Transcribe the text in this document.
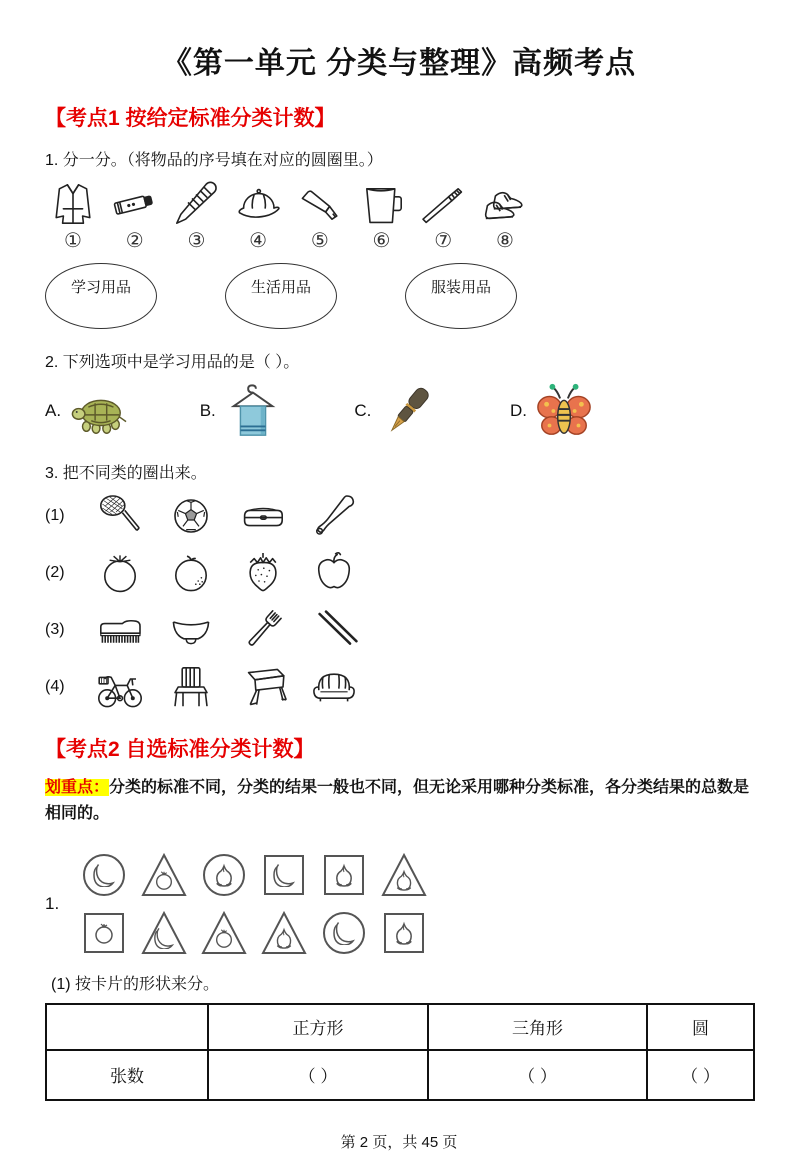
《第一单元 分类与整理》高频考点
【考点1 按给定标准分类计数】
1. 分一分。（将物品的序号填在对应的圆圈里。）
① ② ③ ④ ⑤ ⑥ ⑦ ⑧
学习用品	生活用品	服装用品
2. 下列选项中是学习用品的是（ ）。
A.	B.	C.	D.
3. 把不同类的圈出来。
(1)
(2)
(3)
(4)
【考点2 自选标准分类计数】
划重点：分类的标准不同，分类的结果一般也不同，但无论采用哪种分类标准，各分类结果的总数是相同的。
1.
(1) 按卡片的形状来分。
	正方形	三角形	圆
张数	（ ）	（ ）	（ ）
第 2 页，共 45 页
